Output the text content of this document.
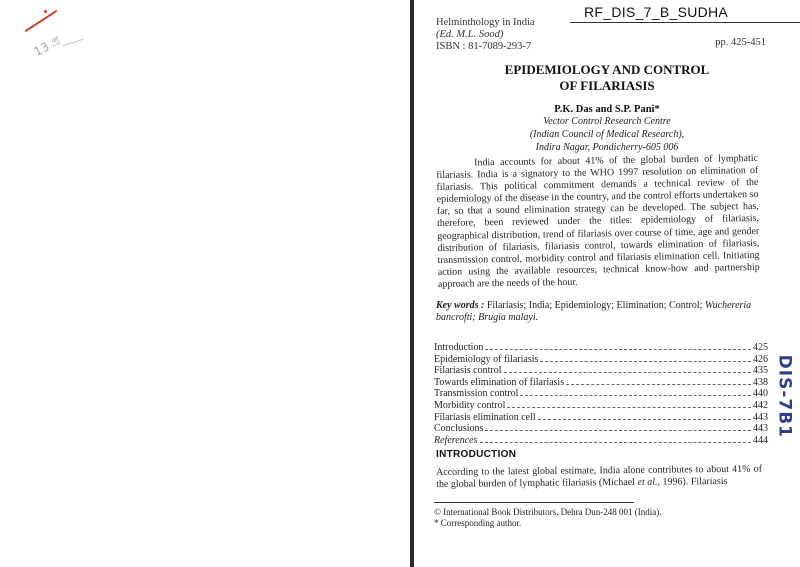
13 প্ৰ
RF_DIS_7_B_SUDHA
Helminthology in India
(Ed. M.L. Sood)
ISBN : 81-7089-293-7	pp. 425-451
EPIDEMIOLOGY AND CONTROL
OF FILARIASIS
P.K. Das and S.P. Pani*
Vector Control Research Centre
(Indian Council of Medical Research),
Indira Nagar, Pondicherry-605 006
India accounts for about 41% of the global burden of lymphatic filariasis. India is a signatory to the WHO 1997 resolution on elimination of filariasis. This political commitment demands a technical review of the epidemiology of the disease in the country, and the control efforts undertaken so far, so that a sound elimination strategy can be developed. The subject has, therefore, been reviewed under the titles: epidemiology of filariasis, geographical distribution, trend of filariasis over course of time, age and gender distribution of filariasis, filariasis control, towards elimination of filariasis, transmission control, morbidity control and filariasis elimination cell. Initiating action using the available resources, technical know-how and partnership approach are the needs of the hour.
Key words : Filariasis; India; Epidemiology; Elimination; Control; Wuchereria bancrofti; Brugia malayi.
Introduction	425
Epidemiology of filariasis	426
Filariasis control	435
Towards elimination of filariasis	438
Transmission control	440
Morbidity control	442
Filariasis elimination cell	443
Conclusions	443
References	444
INTRODUCTION
According to the latest global estimate, India alone contributes to about 41% of the global burden of lymphatic filariasis (Michael et al., 1996). Filariasis
© International Book Distributors, Dehra Dun-248 001 (India).
* Corresponding author.
DIS-7B1
